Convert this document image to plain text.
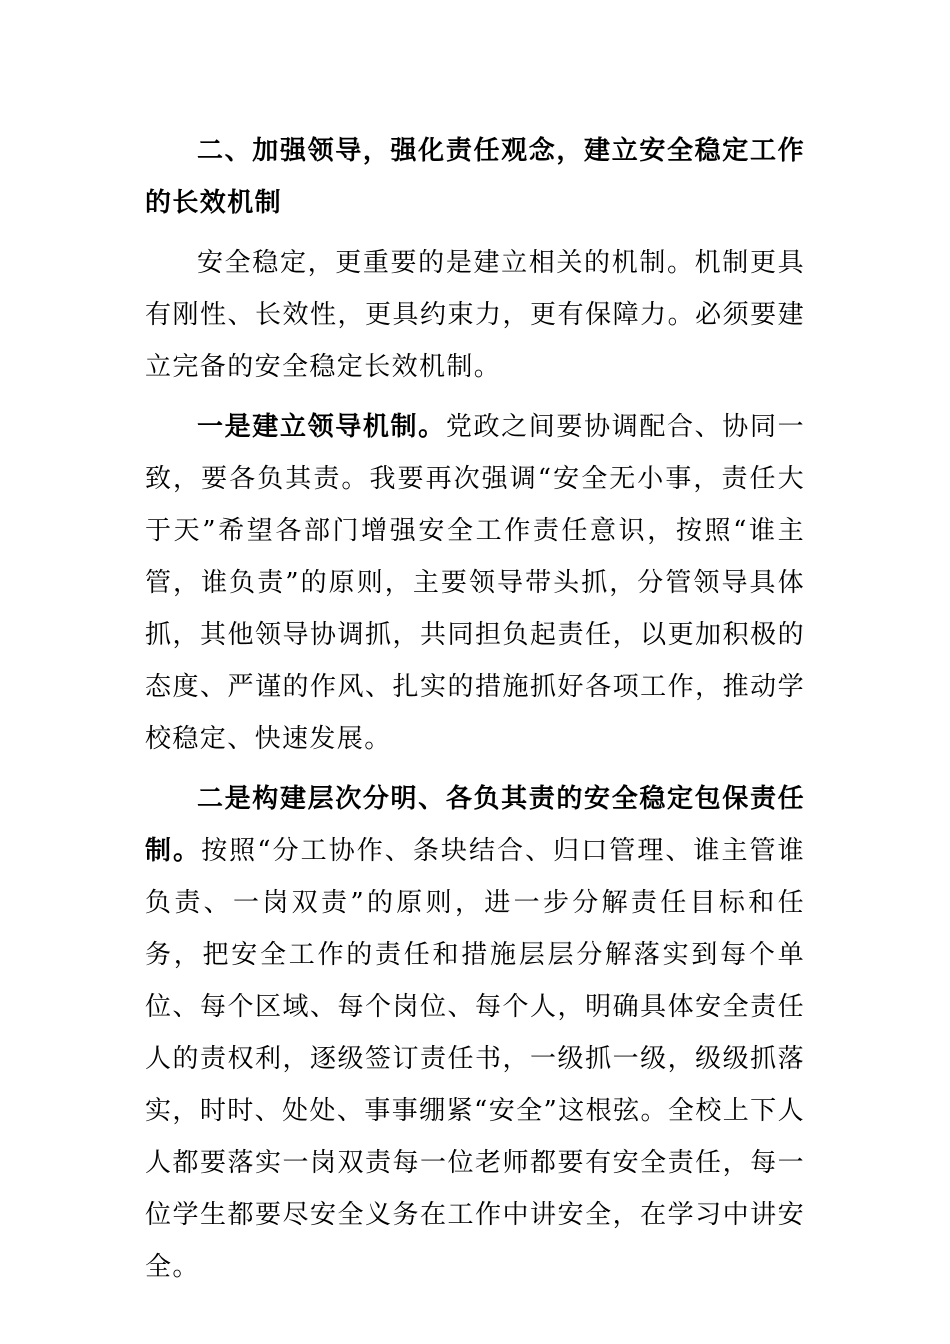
二、加强领导，强化责任观念，建立安全稳定工作的长效机制

安全稳定，更重要的是建立相关的机制。机制更具有刚性、长效性，更具约束力，更有保障力。必须要建立完备的安全稳定长效机制。

一是建立领导机制。党政之间要协调配合、协同一致，要各负其责。我要再次强调“安全无小事，责任大于天”希望各部门增强安全工作责任意识，按照“谁主管，谁负责”的原则，主要领导带头抓，分管领导具体抓，其他领导协调抓，共同担负起责任，以更加积极的态度、严谨的作风、扎实的措施抓好各项工作，推动学校稳定、快速发展。

二是构建层次分明、各负其责的安全稳定包保责任制。按照“分工协作、条块结合、归口管理、谁主管谁负责、一岗双责”的原则，进一步分解责任目标和任务，把安全工作的责任和措施层层分解落实到每个单位、每个区域、每个岗位、每个人，明确具体安全责任人的责权利，逐级签订责任书，一级抓一级，级级抓落实，时时、处处、事事绷紧“安全”这根弦。全校上下人人都要落实一岗双责每一位老师都要有安全责任，每一位学生都要尽安全义务在工作中讲安全，在学习中讲安全。
